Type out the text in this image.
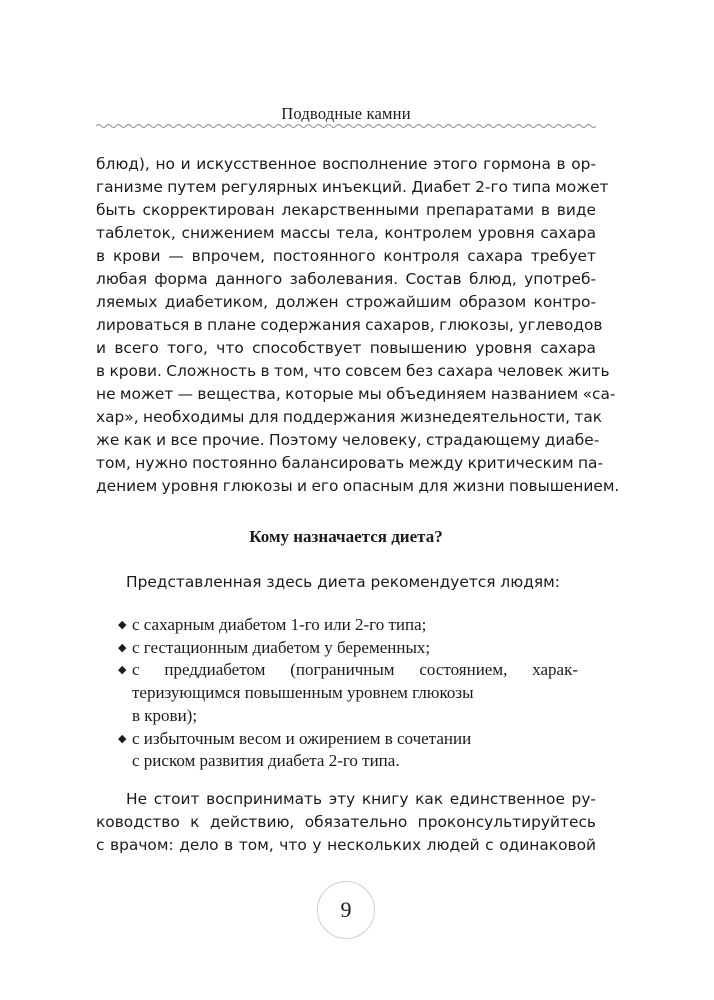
Подводные камни
блюд), но и искусственное восполнение этого гормона в ор-
ганизме путем регулярных инъекций. Диабет 2-го типа может
быть скорректирован лекарственными препаратами в виде
таблеток, снижением массы тела, контролем уровня сахара
в крови — впрочем, постоянного контроля сахара требует
любая форма данного заболевания. Состав блюд, употреб-
ляемых диабетиком, должен строжайшим образом контро-
лироваться в плане содержания сахаров, глюкозы, углеводов
и всего того, что способствует повышению уровня сахара
в крови. Сложность в том, что совсем без сахара человек жить
не может — вещества, которые мы объединяем названием «са-
хар», необходимы для поддержания жизнедеятельности, так
же как и все прочие. Поэтому человеку, страдающему диабе-
том, нужно постоянно балансировать между критическим па-
дением уровня глюкозы и его опасным для жизни повышением.
Кому назначается диета?

Представленная здесь диета рекомендуется людям:

◆ с сахарным диабетом 1-го или 2-го типа;
◆ с гестационным диабетом у беременных;
◆ с преддиабетом (пограничным состоянием, харак-
теризующимся повышенным уровнем глюкозы
в крови);
◆ с избыточным весом и ожирением в сочетании
с риском развития диабета 2-го типа.
Не стоит воспринимать эту книгу как единственное ру-
ководство к действию, обязательно проконсультируйтесь
с врачом: дело в том, что у нескольких людей с одинаковой
9
